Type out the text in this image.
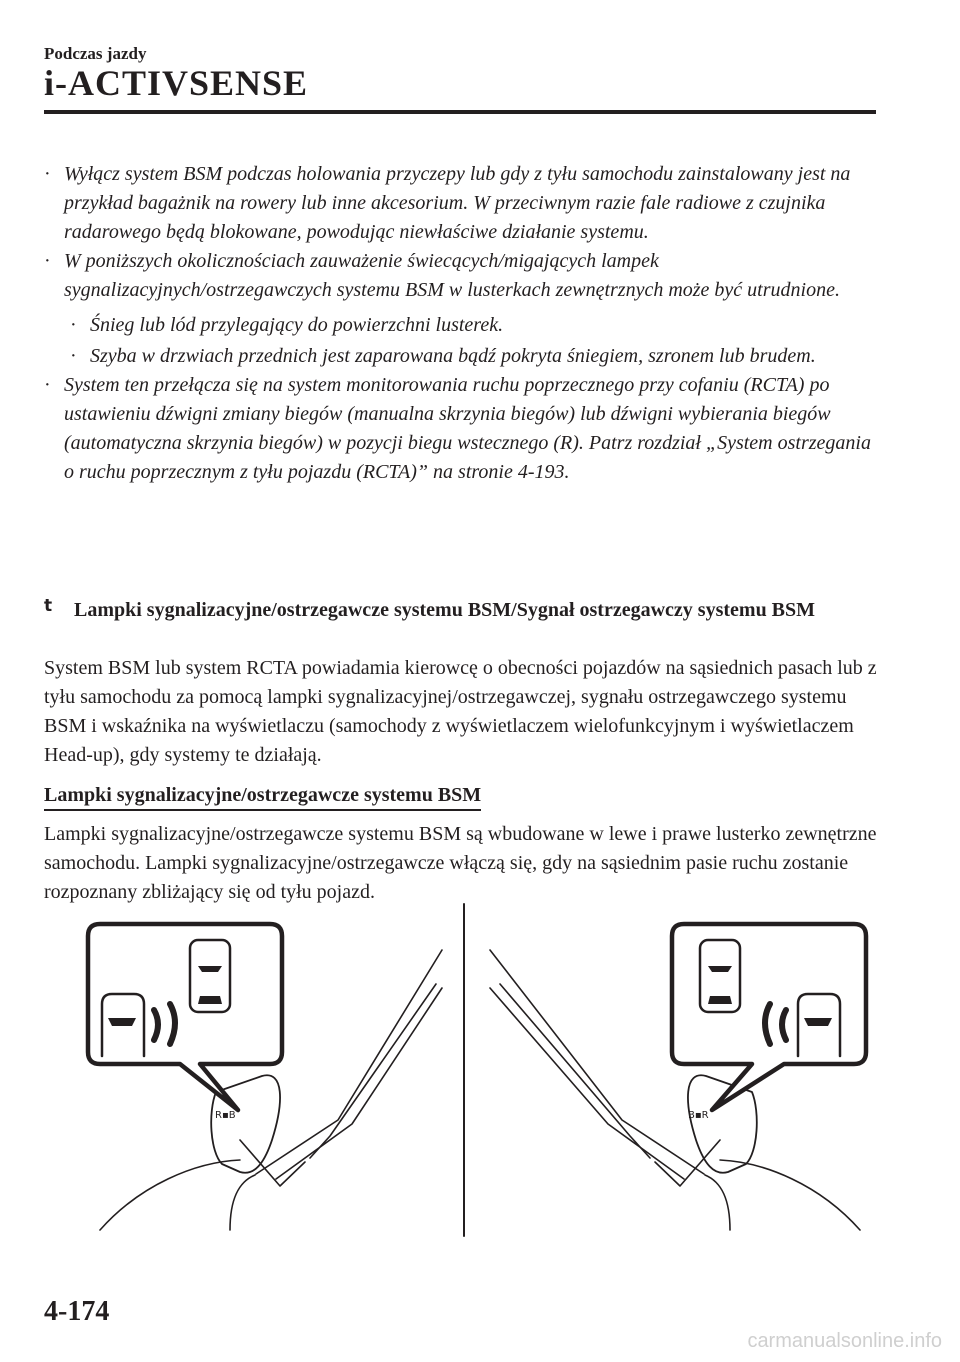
Podczas jazdy
i-ACTIVSENSE
· Wyłącz system BSM podczas holowania przyczepy lub gdy z tyłu samochodu zainstalowany jest na przykład bagażnik na rowery lub inne akcesorium. W przeciwnym razie fale radiowe z czujnika radarowego będą blokowane, powodując niewłaściwe działanie systemu.
· W poniższych okolicznościach zauważenie świecących/migających lampek sygnalizacyjnych/ostrzegawczych systemu BSM w lusterkach zewnętrznych może być utrudnione.
· Śnieg lub lód przylegający do powierzchni lusterek.
· Szyba w drzwiach przednich jest zaparowana bądź pokryta śniegiem, szronem lub brudem.
· System ten przełącza się na system monitorowania ruchu poprzecznego przy cofaniu (RCTA) po ustawieniu dźwigni zmiany biegów (manualna skrzynia biegów) lub dźwigni wybierania biegów (automatyczna skrzynia biegów) w pozycji biegu wstecznego (R). Patrz rozdział „System ostrzegania o ruchu poprzecznym z tyłu pojazdu (RCTA)” na stronie 4-193.
t Lampki sygnalizacyjne/ostrzegawcze systemu BSM/Sygnał ostrzegawczy systemu BSM
System BSM lub system RCTA powiadamia kierowcę o obecności pojazdów na sąsiednich pasach lub z tyłu samochodu za pomocą lampki sygnalizacyjnej/ostrzegawczej, sygnału ostrzegawczego systemu BSM i wskaźnika na wyświetlaczu (samochody z wyświetlaczem wielofunkcyjnym i wyświetlaczem Head-up), gdy systemy te działają.
Lampki sygnalizacyjne/ostrzegawcze systemu BSM
Lampki sygnalizacyjne/ostrzegawcze systemu BSM są wbudowane w lewe i prawe lusterko zewnętrzne samochodu. Lampki sygnalizacyjne/ostrzegawcze włączą się, gdy na sąsiednim pasie ruchu zostanie rozpoznany zbliżający się od tyłu pojazd.
R▪B	B▪R
4-174
carmanualsonline.info
